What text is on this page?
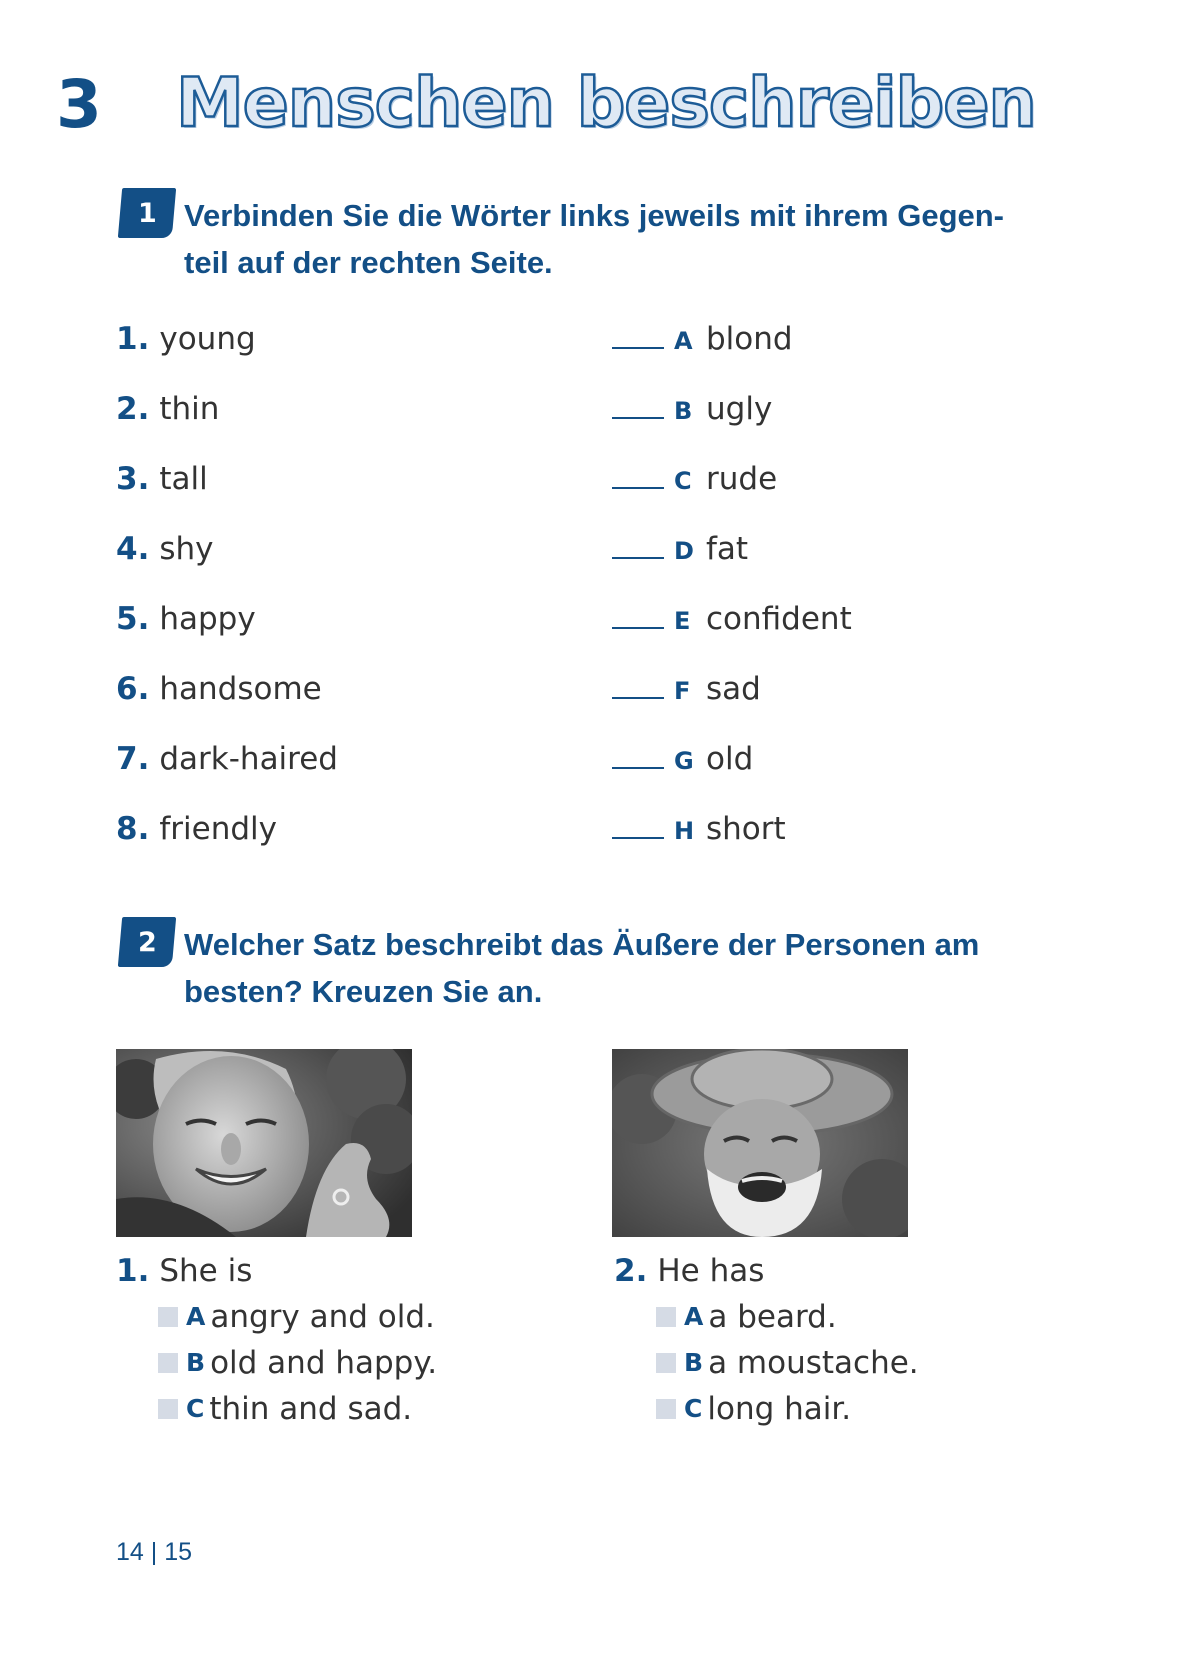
3 Menschen beschreiben
1 Verbinden Sie die Wörter links jeweils mit ihrem Gegen-
teil auf der rechten Seite.
1. young
2. thin
3. tall
4. shy
5. happy
6. handsome
7. dark-haired
8. friendly
A blond
B ugly
C rude
D fat
E confident
F sad
G old
H short
2 Welcher Satz beschreibt das Äußere der Personen am
besten? Kreuzen Sie an.
1. She is
A angry and old.
B old and happy.
C thin and sad.
2. He has
A a beard.
B a moustache.
C long hair.
14 | 15
